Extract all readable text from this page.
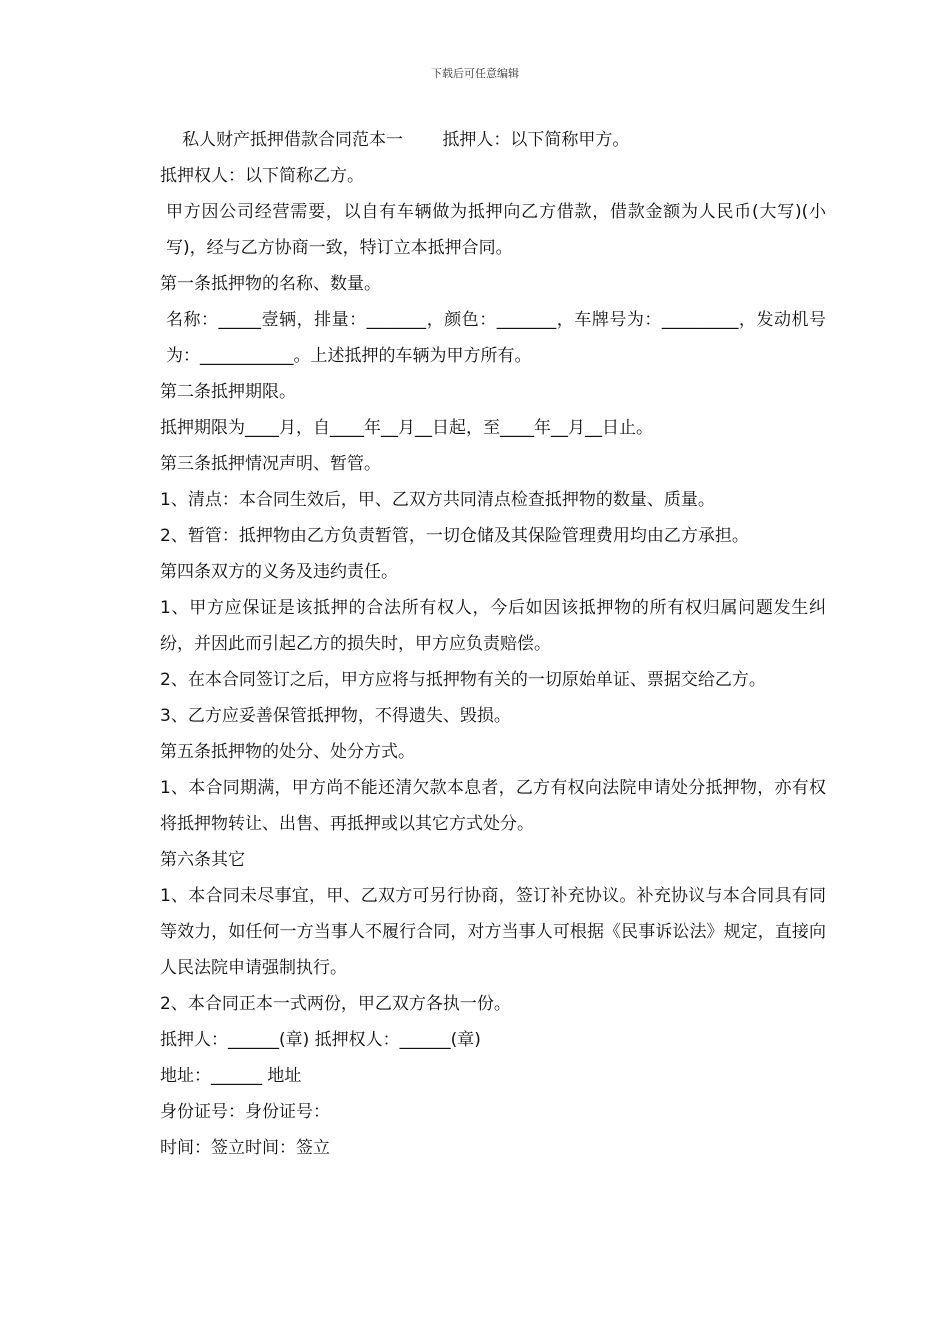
下载后可任意编辑

私人财产抵押借款合同范本一　　 抵押人：以下简称甲方。

抵押权人：以下简称乙方。

甲方因公司经营需要，以自有车辆做为抵押向乙方借款，借款金额为人民币(大写)(小写)，经与乙方协商一致，特订立本抵押合同。

第一条抵押物的名称、数量。

名称：_____壹辆，排量：_______，颜色：_______，车牌号为：_________，发动机号为：___________。上述抵押的车辆为甲方所有。

第二条抵押期限。

抵押期限为____月，自____年__月__日起，至____年__月__日止。

第三条抵押情况声明、暂管。

1、清点：本合同生效后，甲、乙双方共同清点检查抵押物的数量、质量。

2、暂管：抵押物由乙方负责暂管，一切仓储及其保险管理费用均由乙方承担。

第四条双方的义务及违约责任。

1、甲方应保证是该抵押的合法所有权人，今后如因该抵押物的所有权归属问题发生纠纷，并因此而引起乙方的损失时，甲方应负责赔偿。

2、在本合同签订之后，甲方应将与抵押物有关的一切原始单证、票据交给乙方。

3、乙方应妥善保管抵押物，不得遗失、毁损。

第五条抵押物的处分、处分方式。

1、本合同期满，甲方尚不能还清欠款本息者，乙方有权向法院申请处分抵押物，亦有权将抵押物转让、出售、再抵押或以其它方式处分。

第六条其它

1、本合同未尽事宜，甲、乙双方可另行协商，签订补充协议。补充协议与本合同具有同等效力，如任何一方当事人不履行合同，对方当事人可根据《民事诉讼法》规定，直接向人民法院申请强制执行。

2、本合同正本一式两份，甲乙双方各执一份。

抵押人：______(章) 抵押权人：______(章)

地址：______ 地址

身份证号：身份证号：

时间：签立时间：签立
